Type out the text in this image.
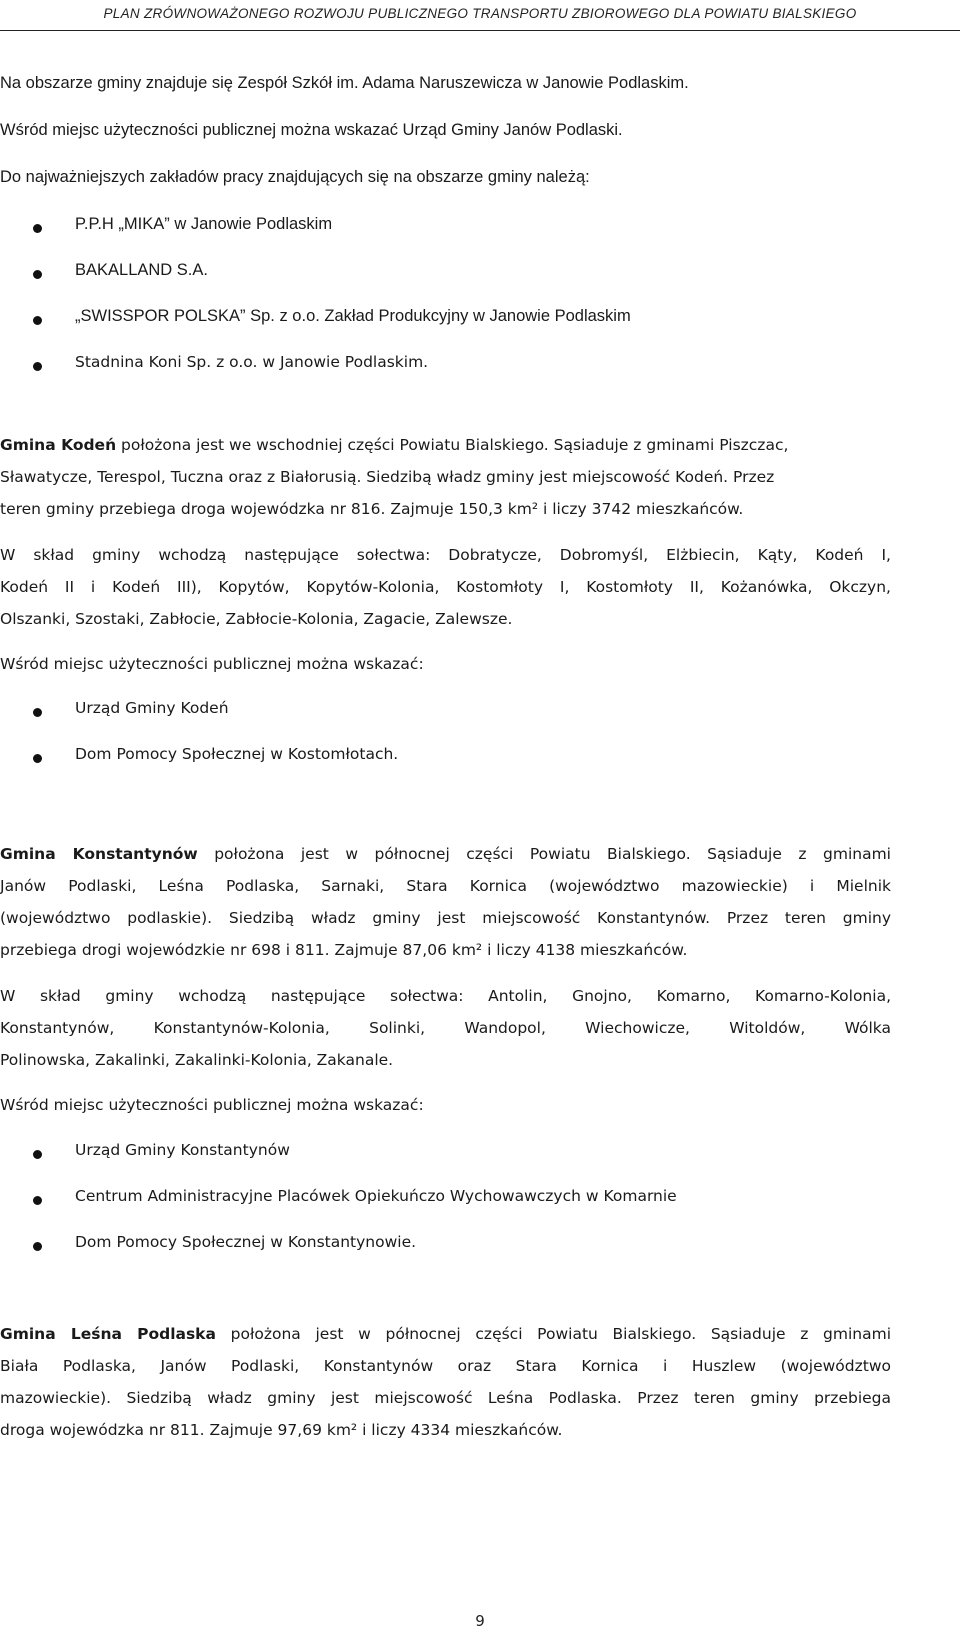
PLAN ZRÓWNOWAŻONEGO ROZWOJU PUBLICZNEGO TRANSPORTU ZBIOROWEGO DLA POWIATU BIALSKIEGO

Na obszarze gminy znajduje się Zespół Szkół im. Adama Naruszewicza w Janowie Podlaskim.

Wśród miejsc użyteczności publicznej można wskazać Urząd Gminy Janów Podlaski.

Do najważniejszych zakładów pracy znajdujących się na obszarze gminy należą:

P.P.H „MIKA” w Janowie Podlaskim

BAKALLAND S.A.

„SWISSPOR POLSKA” Sp. z o.o. Zakład Produkcyjny w Janowie Podlaskim

Stadnina Koni Sp. z o.o. w Janowie Podlaskim.

Gmina Kodeń położona jest we wschodniej części Powiatu Bialskiego. Sąsiaduje z gminami Piszczac,

Sławatycze, Terespol, Tuczna oraz z Białorusią. Siedzibą władz gminy jest miejscowość Kodeń. Przez

teren gminy przebiega droga wojewódzka nr 816. Zajmuje 150,3 km² i liczy 3742 mieszkańców.

W skład gminy wchodzą następujące sołectwa: Dobratycze, Dobromyśl, Elżbiecin, Kąty, Kodeń I,

Kodeń II i Kodeń III), Kopytów, Kopytów-Kolonia, Kostomłoty I, Kostomłoty II, Kożanówka, Okczyn,

Olszanki, Szostaki, Zabłocie, Zabłocie-Kolonia, Zagacie, Zalewsze.

Wśród miejsc użyteczności publicznej można wskazać:

Urząd Gminy Kodeń

Dom Pomocy Społecznej w Kostomłotach.

Gmina Konstantynów położona jest w północnej części Powiatu Bialskiego. Sąsiaduje z gminami

Janów Podlaski, Leśna Podlaska, Sarnaki, Stara Kornica (województwo mazowieckie) i Mielnik

(województwo podlaskie). Siedzibą władz gminy jest miejscowość Konstantynów. Przez teren gminy

przebiega drogi wojewódzkie nr 698 i 811. Zajmuje 87,06 km² i liczy 4138 mieszkańców.

W skład gminy wchodzą następujące sołectwa: Antolin, Gnojno, Komarno, Komarno-Kolonia,

Konstantynów, Konstantynów-Kolonia, Solinki, Wandopol, Wiechowicze, Witoldów, Wólka

Polinowska, Zakalinki, Zakalinki-Kolonia, Zakanale.

Wśród miejsc użyteczności publicznej można wskazać:

Urząd Gminy Konstantynów

Centrum Administracyjne Placówek Opiekuńczo Wychowawczych w Komarnie

Dom Pomocy Społecznej w Konstantynowie.

Gmina Leśna Podlaska położona jest w północnej części Powiatu Bialskiego. Sąsiaduje z gminami

Biała Podlaska, Janów Podlaski, Konstantynów oraz Stara Kornica i Huszlew (województwo

mazowieckie). Siedzibą władz gminy jest miejscowość Leśna Podlaska. Przez teren gminy przebiega

droga wojewódzka nr 811. Zajmuje 97,69 km² i liczy 4334 mieszkańców.

9
